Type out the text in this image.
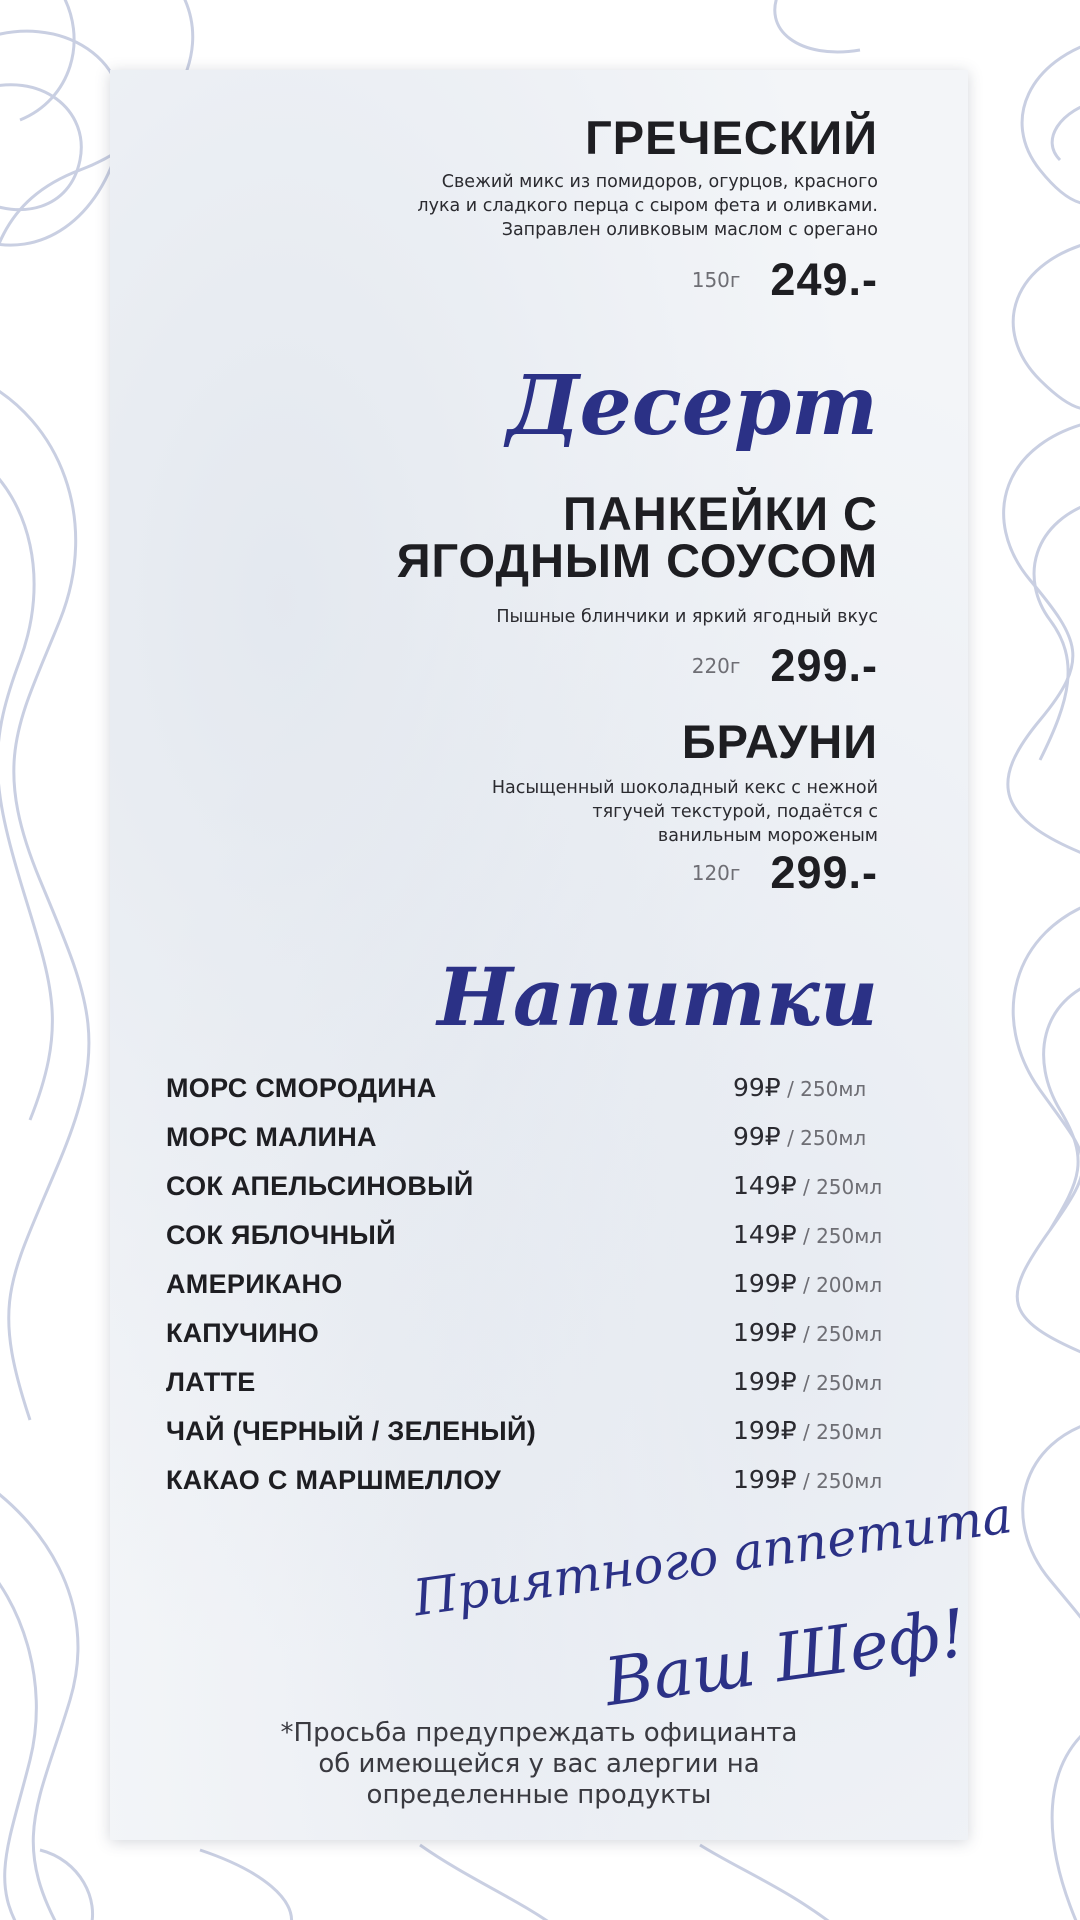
ГРЕЧЕСКИЙ
Свежий микс из помидоров, огурцов, красного
лука и сладкого перца с сыром фета и оливками.
Заправлен оливковым маслом с орегано
150г 249.-
Десерт
ПАНКЕЙКИ С
ЯГОДНЫМ СОУСОМ
Пышные блинчики и яркий ягодный вкус
220г 299.-
БРАУНИ
Насыщенный шоколадный кекс с нежной
тягучей текстурой, подаётся с
ванильным мороженым
120г 299.-
Напитки
МОРС СМОРОДИНА	99₽ / 250мл
МОРС МАЛИНА	99₽ / 250мл
СОК АПЕЛЬСИНОВЫЙ	149₽ / 250мл
СОК ЯБЛОЧНЫЙ	149₽ / 250мл
АМЕРИКАНО	199₽ / 200мл
КАПУЧИНО	199₽ / 250мл
ЛАТТЕ	199₽ / 250мл
ЧАЙ (ЧЕРНЫЙ / ЗЕЛЕНЫЙ)	199₽ / 250мл
КАКАО С МАРШМЕЛЛОУ	199₽ / 250мл
Приятного аппетита
Ваш Шеф!
*Просьба предупреждать официанта
об имеющейся у вас алергии на
определенные продукты
